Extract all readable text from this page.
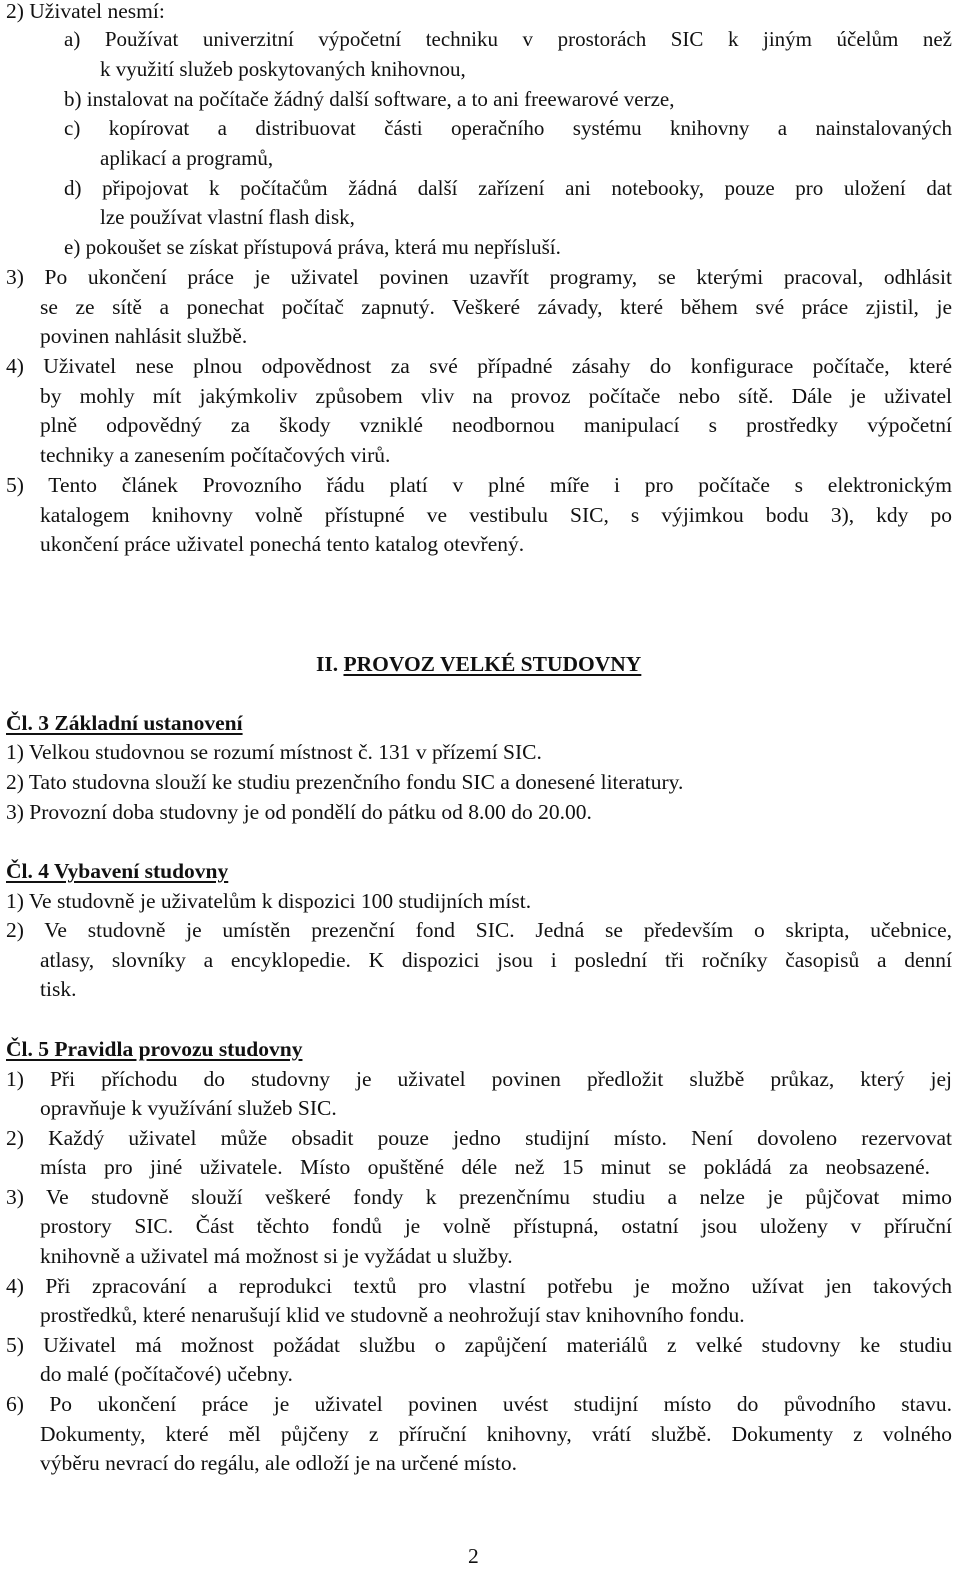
2) Uživatel nesmí:

a) Používat univerzitní výpočetní techniku v prostorách SIC k jiným účelům než

k využití služeb poskytovaných knihovnou,

b) instalovat na počítače žádný další software, a to ani freewarové verze,

c) kopírovat a distribuovat části operačního systému knihovny a nainstalovaných

aplikací a programů,

d) připojovat k počítačům žádná další zařízení ani notebooky, pouze pro uložení dat

lze používat vlastní flash disk,

e) pokoušet se získat přístupová práva, která mu nepřísluší.

3) Po ukončení práce je uživatel povinen uzavřít programy, se kterými pracoval, odhlásit

se ze sítě a ponechat počítač zapnutý. Veškeré závady, které během své práce zjistil, je

povinen nahlásit službě.

4) Uživatel nese plnou odpovědnost za své případné zásahy do konfigurace počítače, které

by mohly mít jakýmkoliv způsobem vliv na provoz počítače nebo sítě. Dále je uživatel

plně odpovědný za škody vzniklé neodbornou manipulací s prostředky výpočetní

techniky a zanesením počítačových virů.

5) Tento článek Provozního řádu platí v plné míře i pro počítače s elektronickým

katalogem knihovny volně přístupné ve vestibulu SIC, s výjimkou bodu 3), kdy po

ukončení práce uživatel ponechá tento katalog otevřený.

II. PROVOZ VELKÉ STUDOVNY

Čl. 3 Základní ustanovení

1) Velkou studovnou se rozumí místnost č. 131 v přízemí SIC.

2) Tato studovna slouží ke studiu prezenčního fondu SIC a donesené literatury.

3) Provozní doba studovny je od pondělí do pátku od 8.00 do 20.00.

Čl. 4 Vybavení studovny

1) Ve studovně je uživatelům k dispozici 100 studijních míst.

2) Ve studovně je umístěn prezenční fond SIC. Jedná se především o skripta, učebnice,

atlasy, slovníky a encyklopedie. K dispozici jsou i poslední tři ročníky časopisů a denní

tisk.

Čl. 5 Pravidla provozu studovny

1) Při příchodu do studovny je uživatel povinen předložit službě průkaz, který jej

opravňuje k využívání služeb SIC.

2) Každý uživatel může obsadit pouze jedno studijní místo. Není dovoleno rezervovat

místa pro jiné uživatele. Místo opuštěné déle než 15 minut se pokládá za neobsazené.

3) Ve studovně slouží veškeré fondy k prezenčnímu studiu a nelze je půjčovat mimo

prostory SIC. Část těchto fondů je volně přístupná, ostatní jsou uloženy v příruční

knihovně a uživatel má možnost si je vyžádat u služby.

4) Při zpracování a reprodukci textů pro vlastní potřebu je možno užívat jen takových

prostředků, které nenarušují klid ve studovně a neohrožují stav knihovního fondu.

5) Uživatel má možnost požádat službu o zapůjčení materiálů z velké studovny ke studiu

do malé (počítačové) učebny.

6) Po ukončení práce je uživatel povinen uvést studijní místo do původního stavu.

Dokumenty, které měl půjčeny z příruční knihovny, vrátí službě. Dokumenty z volného

výběru nevrací do regálu, ale odloží je na určené místo.

2
